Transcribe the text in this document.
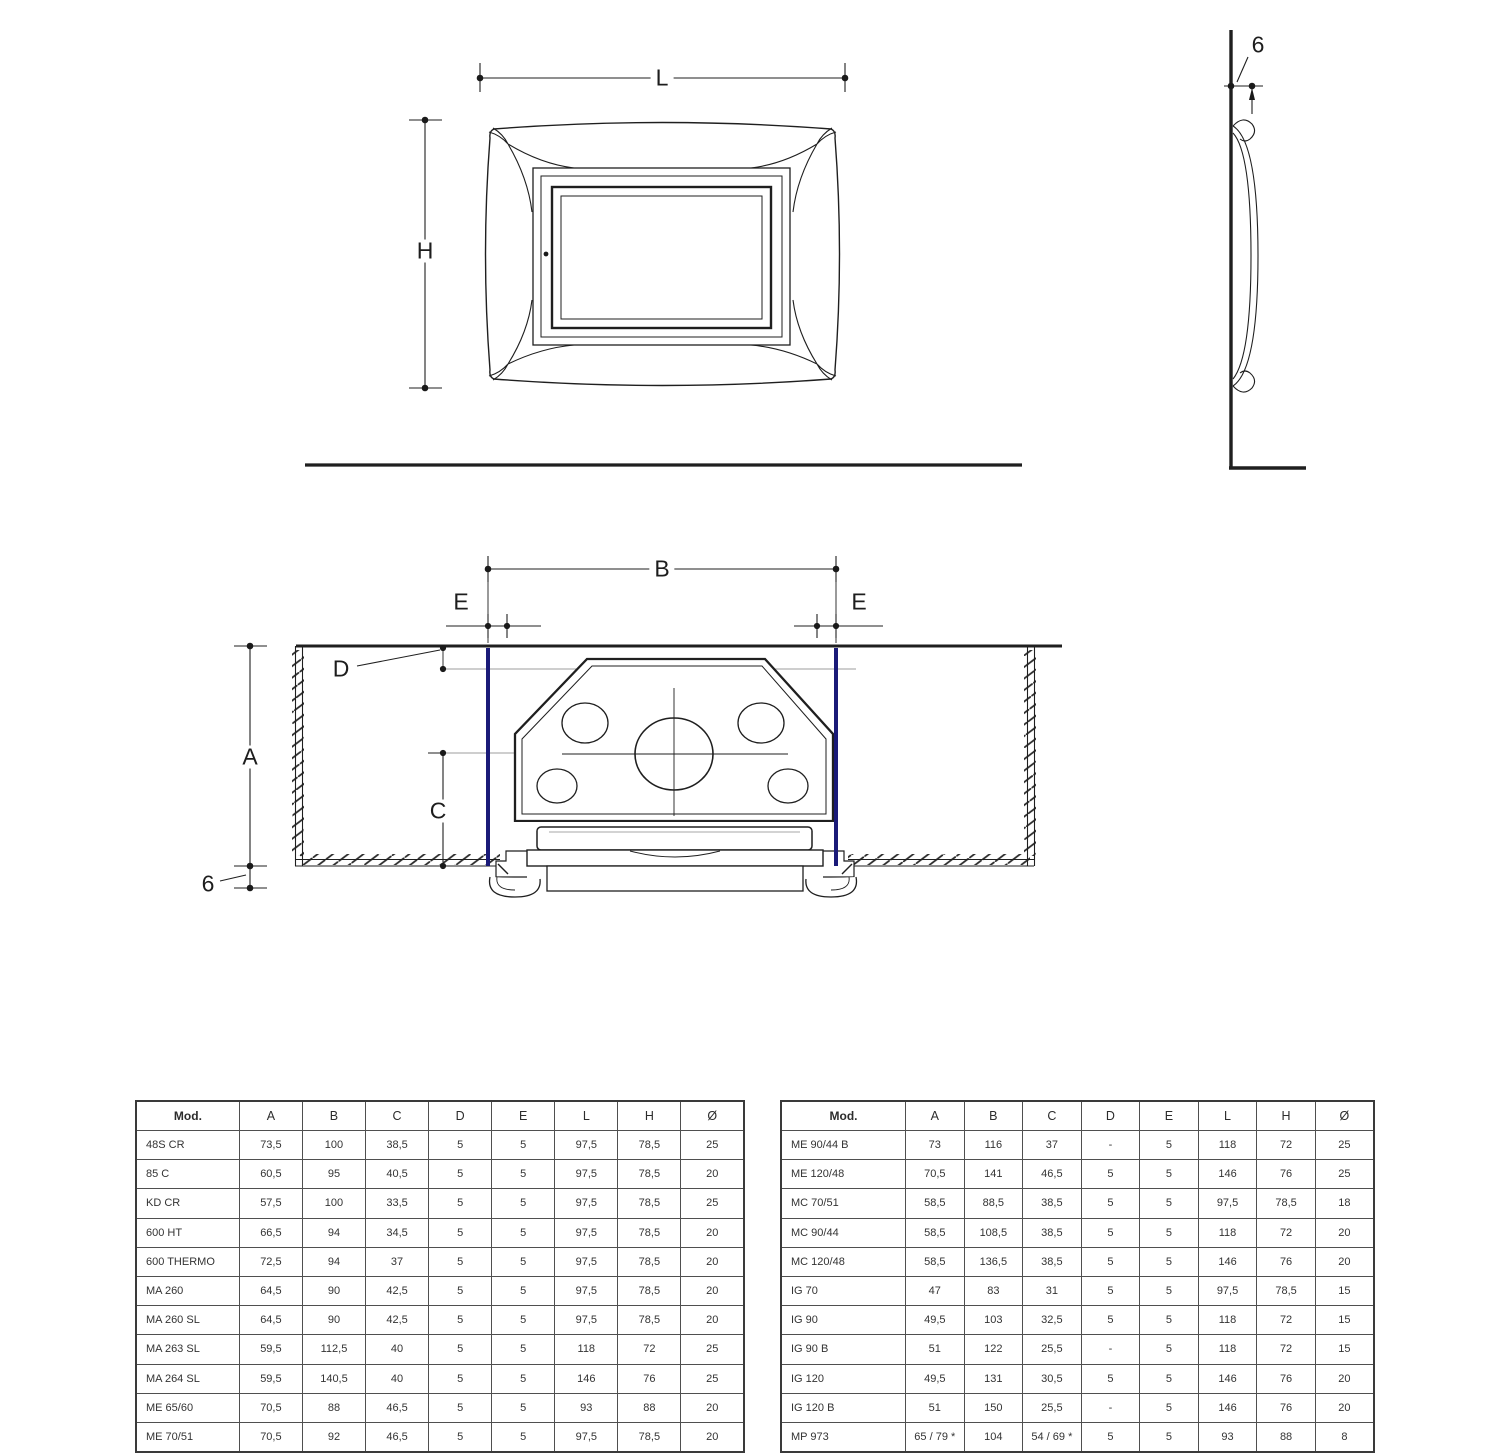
L
H
6
B
E	E
D
A
C
6
Mod.	A	B	C	D	E	L	H	Ø
48S CR	73,5	100	38,5	5	5	97,5	78,5	25
85 C	60,5	95	40,5	5	5	97,5	78,5	20
KD CR	57,5	100	33,5	5	5	97,5	78,5	25
600 HT	66,5	94	34,5	5	5	97,5	78,5	20
600 THERMO	72,5	94	37	5	5	97,5	78,5	20
MA 260	64,5	90	42,5	5	5	97,5	78,5	20
MA 260 SL	64,5	90	42,5	5	5	97,5	78,5	20
MA 263 SL	59,5	112,5	40	5	5	118	72	25
MA 264 SL	59,5	140,5	40	5	5	146	76	25
ME 65/60	70,5	88	46,5	5	5	93	88	20
ME 70/51	70,5	92	46,5	5	5	97,5	78,5	20
Mod.	A	B	C	D	E	L	H	Ø
ME 90/44 B	73	116	37	-	5	118	72	25
ME 120/48	70,5	141	46,5	5	5	146	76	25
MC 70/51	58,5	88,5	38,5	5	5	97,5	78,5	18
MC 90/44	58,5	108,5	38,5	5	5	118	72	20
MC 120/48	58,5	136,5	38,5	5	5	146	76	20
IG 70	47	83	31	5	5	97,5	78,5	15
IG 90	49,5	103	32,5	5	5	118	72	15
IG 90 B	51	122	25,5	-	5	118	72	15
IG 120	49,5	131	30,5	5	5	146	76	20
IG 120 B	51	150	25,5	-	5	146	76	20
MP 973	65 / 79 *	104	54 / 69 *	5	5	93	88	8
